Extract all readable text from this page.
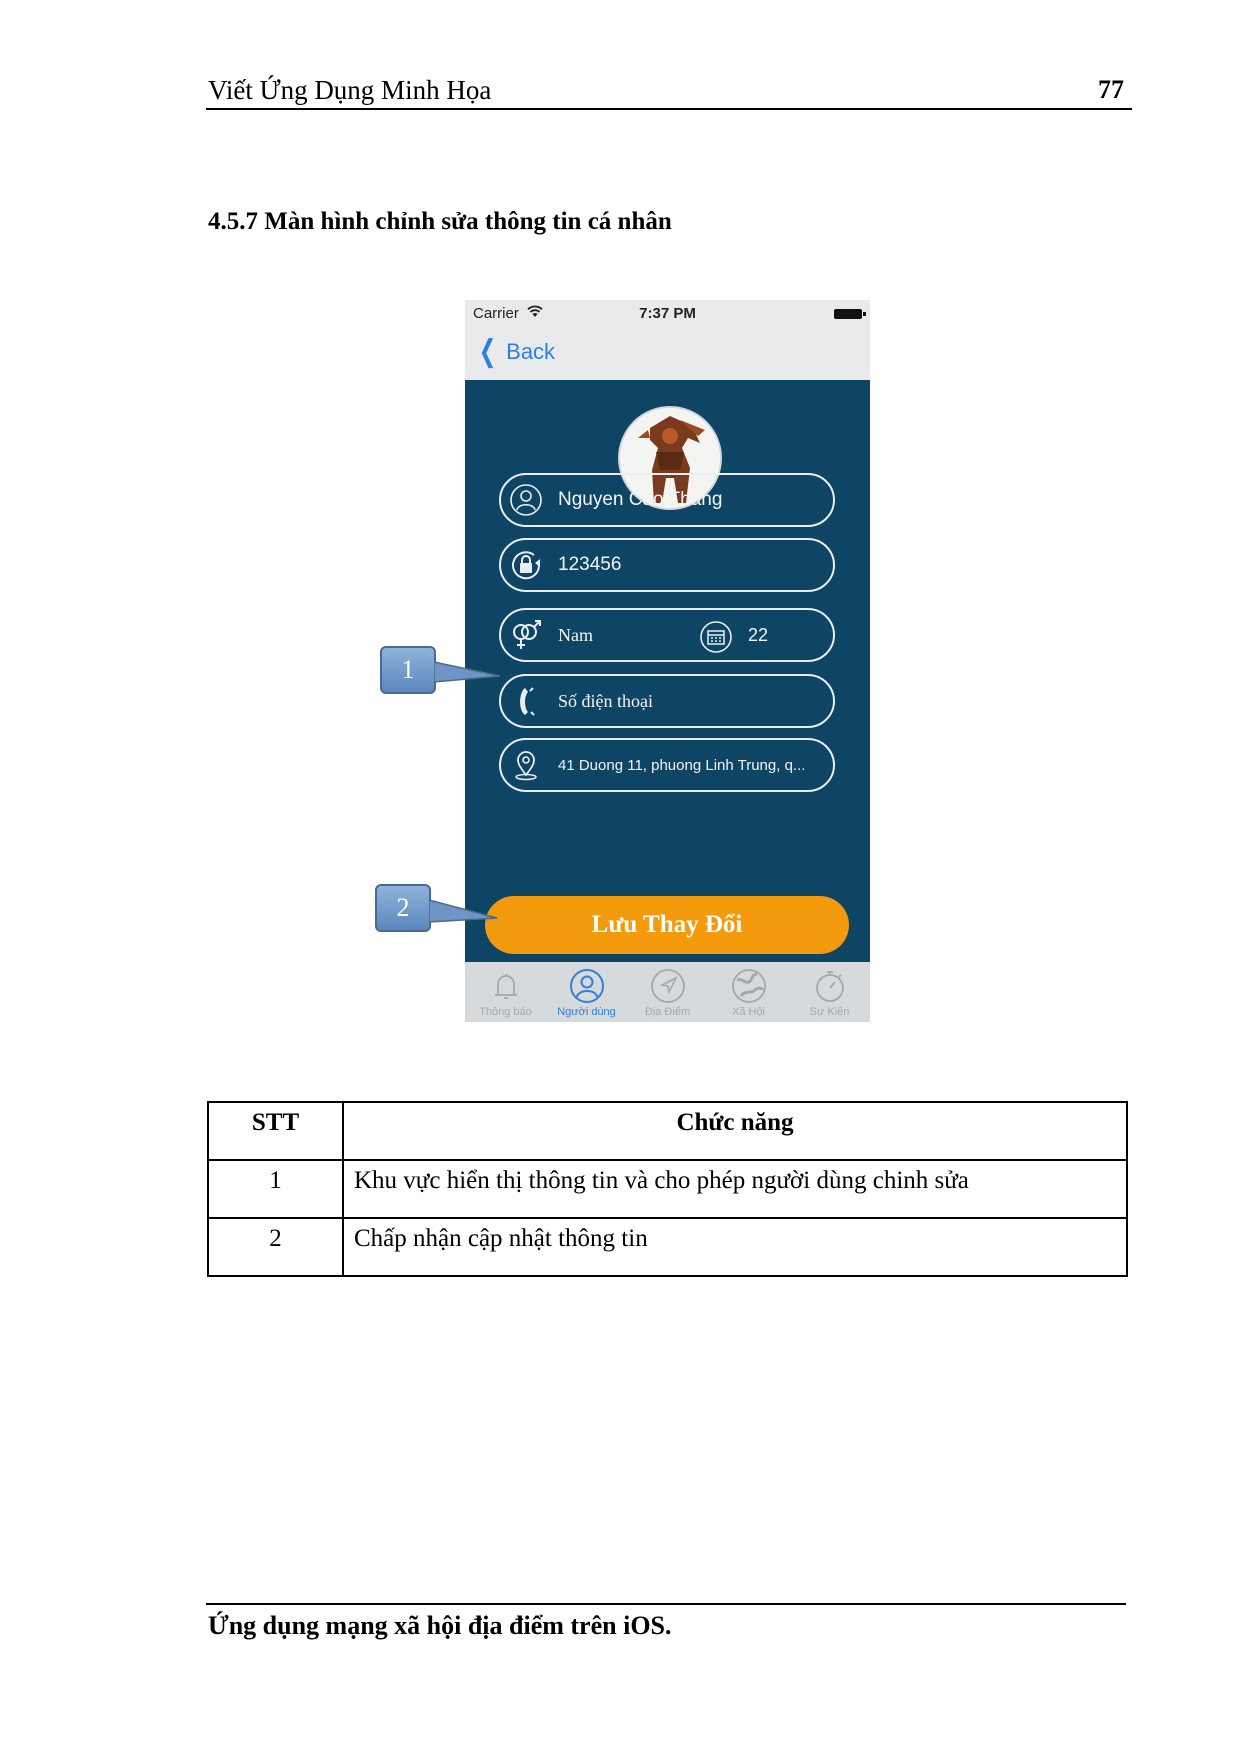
Viết Ứng Dụng Minh Họa	77
4.5.7 Màn hình chỉnh sửa thông tin cá nhân
Carrier	7:37 PM
❮ Back
Nguyen Cao Thang
123456
Nam	22
Số điện thoại
41 Duong 11, phuong Linh Trung, q...
Lưu Thay Đổi
Thông báo	Người dùng	Địa Điểm	Xã Hội	Sự Kiện
1
2
STT	Chức năng
1	Khu vực hiển thị thông tin và cho phép người dùng chinh sửa
2	Chấp nhận cập nhật thông tin
Ứng dụng mạng xã hội địa điểm trên iOS.
